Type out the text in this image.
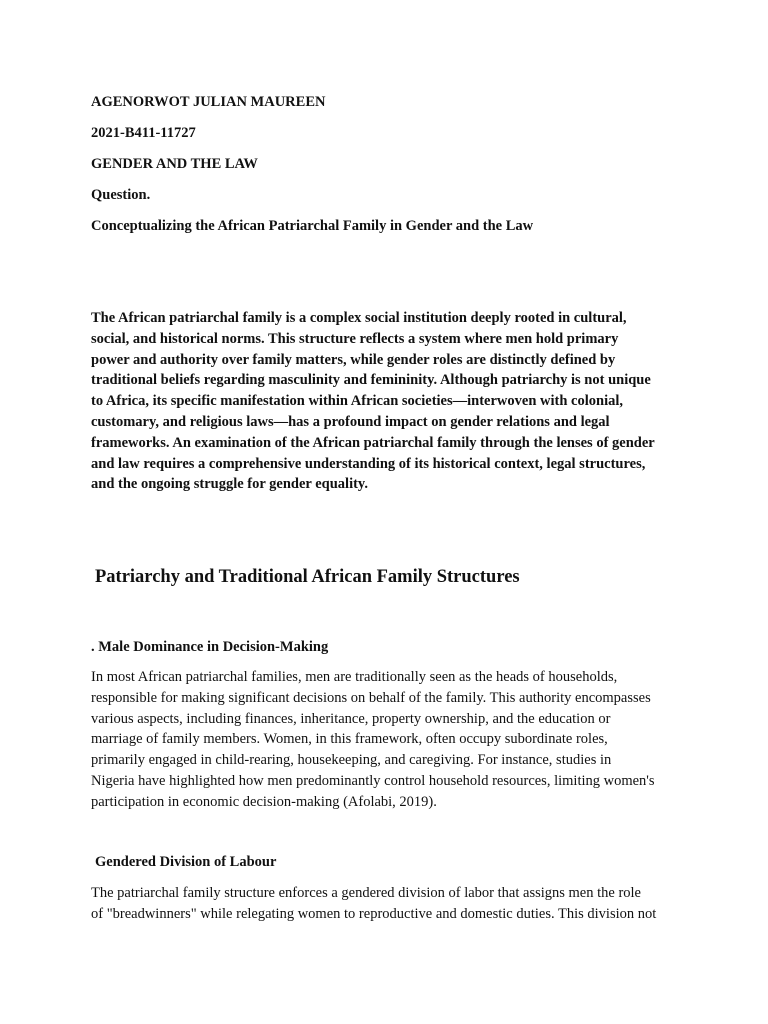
AGENORWOT JULIAN MAUREEN

2021-B411-11727

GENDER AND THE LAW

Question.

Conceptualizing the African Patriarchal Family in Gender and the Law

The African patriarchal family is a complex social institution deeply rooted in cultural,
social, and historical norms. This structure reflects a system where men hold primary
power and authority over family matters, while gender roles are distinctly defined by
traditional beliefs regarding masculinity and femininity. Although patriarchy is not unique
to Africa, its specific manifestation within African societies—interwoven with colonial,
customary, and religious laws—has a profound impact on gender relations and legal
frameworks. An examination of the African patriarchal family through the lenses of gender
and law requires a comprehensive understanding of its historical context, legal structures,
and the ongoing struggle for gender equality.
Patriarchy and Traditional African Family Structures

. Male Dominance in Decision-Making

In most African patriarchal families, men are traditionally seen as the heads of households,
responsible for making significant decisions on behalf of the family. This authority encompasses
various aspects, including finances, inheritance, property ownership, and the education or
marriage of family members. Women, in this framework, often occupy subordinate roles,
primarily engaged in child-rearing, housekeeping, and caregiving. For instance, studies in
Nigeria have highlighted how men predominantly control household resources, limiting women's
participation in economic decision-making (Afolabi, 2019).

Gendered Division of Labour

The patriarchal family structure enforces a gendered division of labor that assigns men the role
of "breadwinners" while relegating women to reproductive and domestic duties. This division not
